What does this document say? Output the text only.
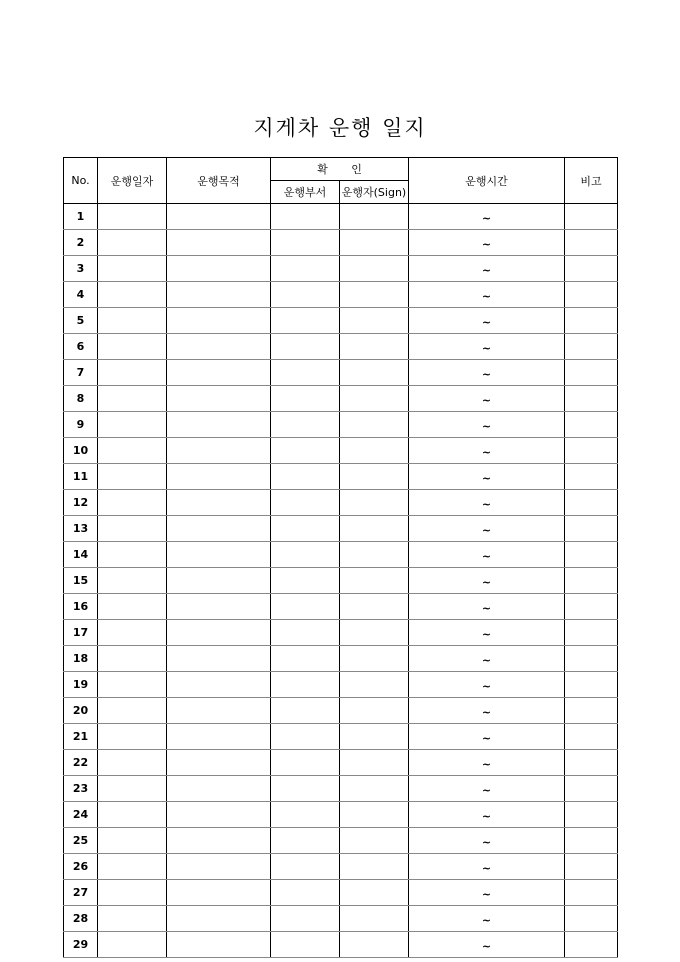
지게차 운행 일지
No.	운행일자	운행목적	확 인		운행시간	비고
			운행부서	운행자(Sign)		
1					~	
2					~	
3					~	
4					~	
5					~	
6					~	
7					~	
8					~	
9					~	
10					~	
11					~	
12					~	
13					~	
14					~	
15					~	
16					~	
17					~	
18					~	
19					~	
20					~	
21					~	
22					~	
23					~	
24					~	
25					~	
26					~	
27					~	
28					~	
29					~	
